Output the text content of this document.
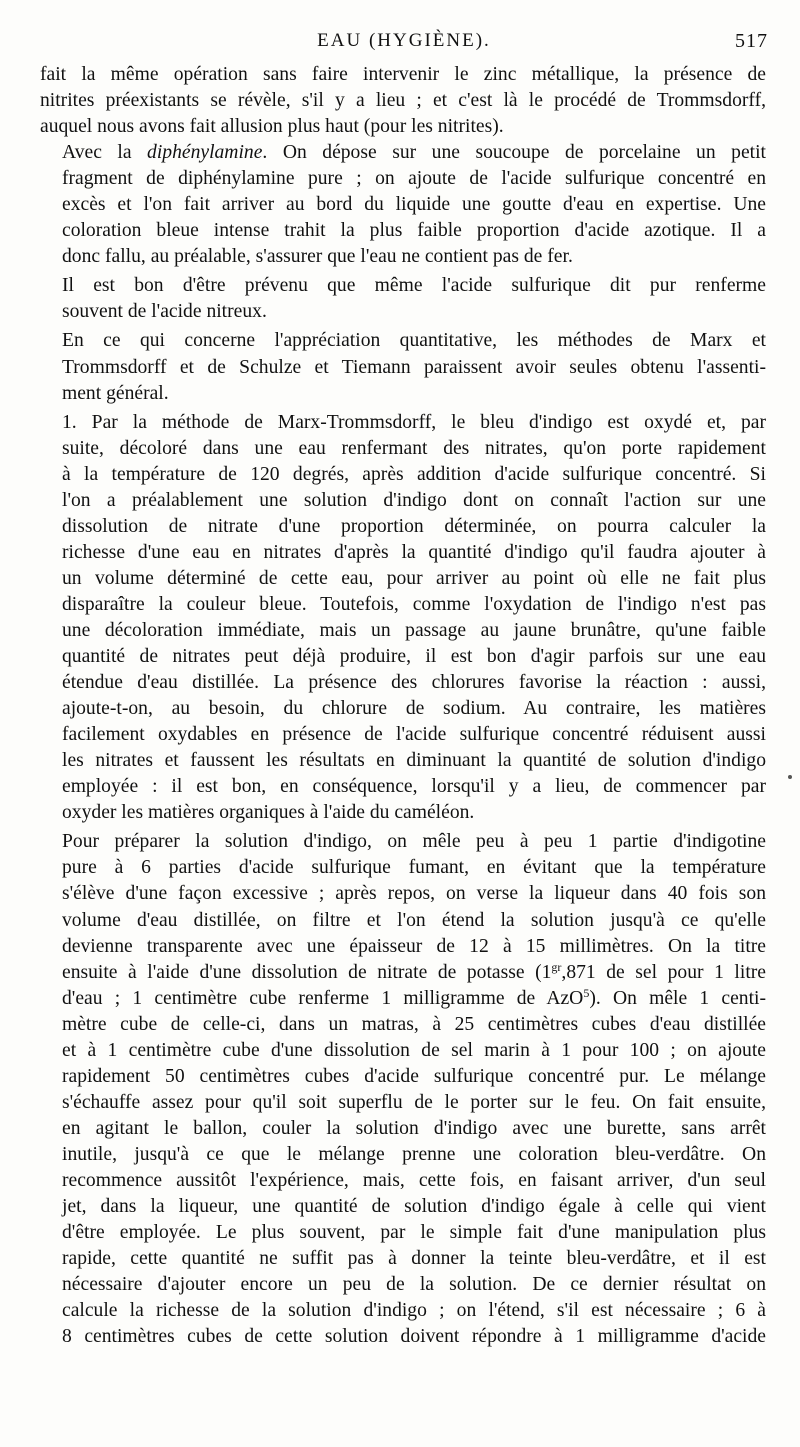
EAU (HYGIÈNE).	517

fait la même opération sans faire intervenir le zinc métallique, la présence de
nitrites préexistants se révèle, s'il y a lieu ; et c'est là le procédé de Trommsdorff,
auquel nous avons fait allusion plus haut (pour les nitrites).

Avec la diphénylamine. On dépose sur une soucoupe de porcelaine un petit
fragment de diphénylamine pure ; on ajoute de l'acide sulfurique concentré en
excès et l'on fait arriver au bord du liquide une goutte d'eau en expertise. Une
coloration bleue intense trahit la plus faible proportion d'acide azotique. Il a
donc fallu, au préalable, s'assurer que l'eau ne contient pas de fer.

Il est bon d'être prévenu que même l'acide sulfurique dit pur renferme
souvent de l'acide nitreux.

En ce qui concerne l'appréciation quantitative, les méthodes de Marx et
Trommsdorff et de Schulze et Tiemann paraissent avoir seules obtenu l'assenti-
ment général.

1. Par la méthode de Marx-Trommsdorff, le bleu d'indigo est oxydé et, par
suite, décoloré dans une eau renfermant des nitrates, qu'on porte rapidement
à la température de 120 degrés, après addition d'acide sulfurique concentré. Si
l'on a préalablement une solution d'indigo dont on connaît l'action sur une
dissolution de nitrate d'une proportion déterminée, on pourra calculer la
richesse d'une eau en nitrates d'après la quantité d'indigo qu'il faudra ajouter à
un volume déterminé de cette eau, pour arriver au point où elle ne fait plus
disparaître la couleur bleue. Toutefois, comme l'oxydation de l'indigo n'est pas
une décoloration immédiate, mais un passage au jaune brunâtre, qu'une faible
quantité de nitrates peut déjà produire, il est bon d'agir parfois sur une eau
étendue d'eau distillée. La présence des chlorures favorise la réaction : aussi,
ajoute-t-on, au besoin, du chlorure de sodium. Au contraire, les matières
facilement oxydables en présence de l'acide sulfurique concentré réduisent aussi
les nitrates et faussent les résultats en diminuant la quantité de solution d'indigo
employée : il est bon, en conséquence, lorsqu'il y a lieu, de commencer par
oxyder les matières organiques à l'aide du caméléon.

Pour préparer la solution d'indigo, on mêle peu à peu 1 partie d'indigotine
pure à 6 parties d'acide sulfurique fumant, en évitant que la température
s'élève d'une façon excessive ; après repos, on verse la liqueur dans 40 fois son
volume d'eau distillée, on filtre et l'on étend la solution jusqu'à ce qu'elle
devienne transparente avec une épaisseur de 12 à 15 millimètres. On la titre
ensuite à l'aide d'une dissolution de nitrate de potasse ($1^{gr},871$ de sel pour 1 litre
d'eau ; 1 centimètre cube renferme 1 milligramme de AzO$^5$). On mêle 1 centi-
mètre cube de celle-ci, dans un matras, à 25 centimètres cubes d'eau distillée
et à 1 centimètre cube d'une dissolution de sel marin à 1 pour 100 ; on ajoute
rapidement 50 centimètres cubes d'acide sulfurique concentré pur. Le mélange
s'échauffe assez pour qu'il soit superflu de le porter sur le feu. On fait ensuite,
en agitant le ballon, couler la solution d'indigo avec une burette, sans arrêt
inutile, jusqu'à ce que le mélange prenne une coloration bleu-verdâtre. On
recommence aussitôt l'expérience, mais, cette fois, en faisant arriver, d'un seul
jet, dans la liqueur, une quantité de solution d'indigo égale à celle qui vient
d'être employée. Le plus souvent, par le simple fait d'une manipulation plus
rapide, cette quantité ne suffit pas à donner la teinte bleu-verdâtre, et il est
nécessaire d'ajouter encore un peu de la solution. De ce dernier résultat on
calcule la richesse de la solution d'indigo ; on l'étend, s'il est nécessaire ; 6 à
8 centimètres cubes de cette solution doivent répondre à 1 milligramme d'acide
